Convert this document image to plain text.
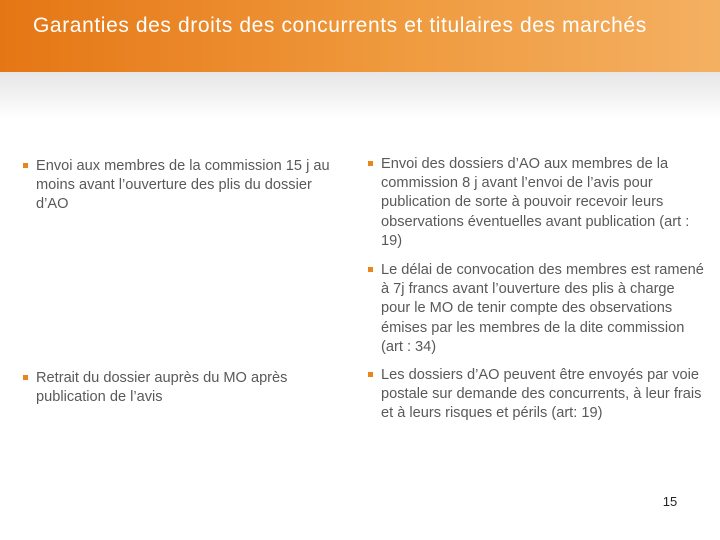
Garanties des droits des concurrents et titulaires des marchés
Envoi aux membres de la commission 15 j au moins avant l’ouverture des plis du dossier d’AO
Retrait du dossier auprès du MO après publication de l’avis
Envoi des dossiers d’AO aux membres de la commission 8 j avant l’envoi de l’avis pour publication de sorte à pouvoir recevoir leurs observations éventuelles avant publication (art : 19)
Le délai de convocation des membres est ramené à 7j francs avant l’ouverture des plis à charge pour le MO de tenir compte des observations émises par les membres de la dite commission (art : 34)
Les dossiers d’AO peuvent être envoyés par voie postale sur demande des concurrents, à leur frais et à leurs risques et périls (art: 19)
15
